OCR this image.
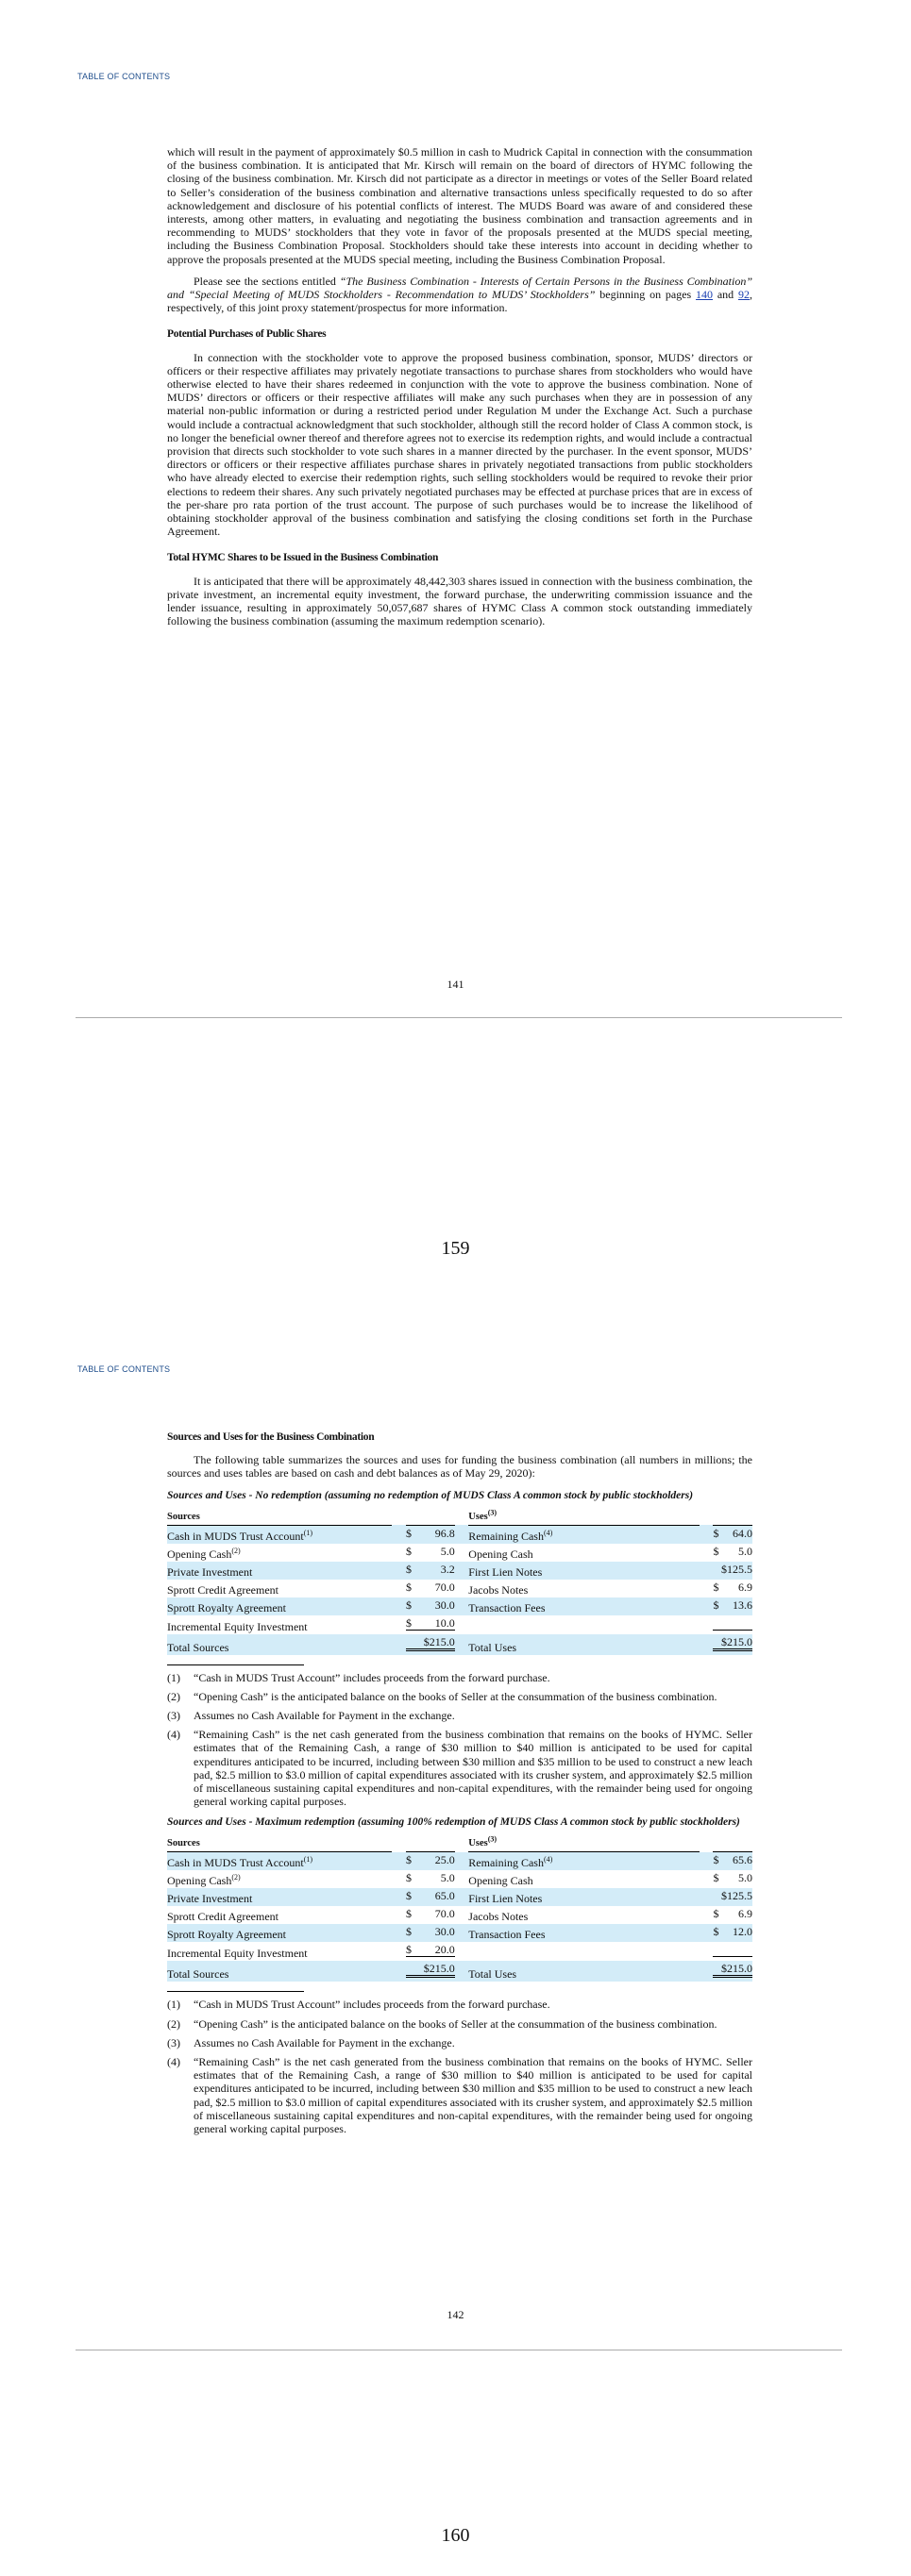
TABLE OF CONTENTS

which will result in the payment of approximately $0.5 million in cash to Mudrick Capital in connection with the consummation of the business combination. It is anticipated that Mr. Kirsch will remain on the board of directors of HYMC following the closing of the business combination. Mr. Kirsch did not participate as a director in meetings or votes of the Seller Board related to Seller’s consideration of the business combination and alternative transactions unless specifically requested to do so after acknowledgement and disclosure of his potential conflicts of interest. The MUDS Board was aware of and considered these interests, among other matters, in evaluating and negotiating the business combination and transaction agreements and in recommending to MUDS’ stockholders that they vote in favor of the proposals presented at the MUDS special meeting, including the Business Combination Proposal. Stockholders should take these interests into account in deciding whether to approve the proposals presented at the MUDS special meeting, including the Business Combination Proposal.

Please see the sections entitled “The Business Combination - Interests of Certain Persons in the Business Combination” and “Special Meeting of MUDS Stockholders - Recommendation to MUDS’ Stockholders” beginning on pages 140 and 92, respectively, of this joint proxy statement/prospectus for more information.

Potential Purchases of Public Shares

In connection with the stockholder vote to approve the proposed business combination, sponsor, MUDS’ directors or officers or their respective affiliates may privately negotiate transactions to purchase shares from stockholders who would have otherwise elected to have their shares redeemed in conjunction with the vote to approve the business combination. None of MUDS’ directors or officers or their respective affiliates will make any such purchases when they are in possession of any material non-public information or during a restricted period under Regulation M under the Exchange Act. Such a purchase would include a contractual acknowledgment that such stockholder, although still the record holder of Class A common stock, is no longer the beneficial owner thereof and therefore agrees not to exercise its redemption rights, and would include a contractual provision that directs such stockholder to vote such shares in a manner directed by the purchaser. In the event sponsor, MUDS’ directors or officers or their respective affiliates purchase shares in privately negotiated transactions from public stockholders who have already elected to exercise their redemption rights, such selling stockholders would be required to revoke their prior elections to redeem their shares. Any such privately negotiated purchases may be effected at purchase prices that are in excess of the per-share pro rata portion of the trust account. The purpose of such purchases would be to increase the likelihood of obtaining stockholder approval of the business combination and satisfying the closing conditions set forth in the Purchase Agreement.

Total HYMC Shares to be Issued in the Business Combination

It is anticipated that there will be approximately 48,442,303 shares issued in connection with the business combination, the private investment, an incremental equity investment, the forward purchase, the underwriting commission issuance and the lender issuance, resulting in approximately 50,057,687 shares of HYMC Class A common stock outstanding immediately following the business combination (assuming the maximum redemption scenario).

141
159
TABLE OF CONTENTS
Sources and Uses for the Business Combination

The following table summarizes the sources and uses for funding the business combination (all numbers in millions; the sources and uses tables are based on cash and debt balances as of May 29, 2020):

Sources and Uses - No redemption (assuming no redemption of MUDS Class A common stock by public stockholders)
Sources				Uses$^{(3)}$		
Cash in MUDS Trust Account$^{(1)}$		$ 96.8		Remaining Cash$^{(4)}$		$ 64.0

Opening Cash$^{(2)}$		$ 5.0		Opening Cash		$ 5.0

Private Investment		$ 3.2		First Lien Notes		$125.5

Sprott Credit Agreement		$ 70.0		Jacobs Notes		$ 6.9

Sprott Royalty Agreement		$ 30.0		Transaction Fees		$ 13.6

Incremental Equity Investment		$ 10.0				

Total Sources		$215.0		Total Uses		$215.0
(1)	“Cash in MUDS Trust Account” includes proceeds from the forward purchase.
(2)	“Opening Cash” is the anticipated balance on the books of Seller at the consummation of the business combination.
(3)	Assumes no Cash Available for Payment in the exchange.
(4)	“Remaining Cash” is the net cash generated from the business combination that remains on the books of HYMC. Seller estimates that of the Remaining Cash, a range of $30 million to $40 million is anticipated to be used for capital expenditures anticipated to be incurred, including between $30 million and $35 million to be used to construct a new leach pad, $2.5 million to $3.0 million of capital expenditures associated with its crusher system, and approximately $2.5 million of miscellaneous sustaining capital expenditures and non-capital expenditures, with the remainder being used for ongoing general working capital purposes.
Sources and Uses - Maximum redemption (assuming 100% redemption of MUDS Class A common stock by public stockholders)
Sources				Uses$^{(3)}$		
Cash in MUDS Trust Account$^{(1)}$		$ 25.0		Remaining Cash$^{(4)}$		$ 65.6

Opening Cash$^{(2)}$		$ 5.0		Opening Cash		$ 5.0

Private Investment		$ 65.0		First Lien Notes		$125.5

Sprott Credit Agreement		$ 70.0		Jacobs Notes		$ 6.9

Sprott Royalty Agreement		$ 30.0		Transaction Fees		$ 12.0

Incremental Equity Investment		$ 20.0				

Total Sources		$215.0		Total Uses		$215.0
(1)	“Cash in MUDS Trust Account” includes proceeds from the forward purchase.
(2)	“Opening Cash” is the anticipated balance on the books of Seller at the consummation of the business combination.
(3)	Assumes no Cash Available for Payment in the exchange.
(4)	“Remaining Cash” is the net cash generated from the business combination that remains on the books of HYMC. Seller estimates that of the Remaining Cash, a range of $30 million to $40 million is anticipated to be used for capital expenditures anticipated to be incurred, including between $30 million and $35 million to be used to construct a new leach pad, $2.5 million to $3.0 million of capital expenditures associated with its crusher system, and approximately $2.5 million of miscellaneous sustaining capital expenditures and non-capital expenditures, with the remainder being used for ongoing general working capital purposes.
142
160
